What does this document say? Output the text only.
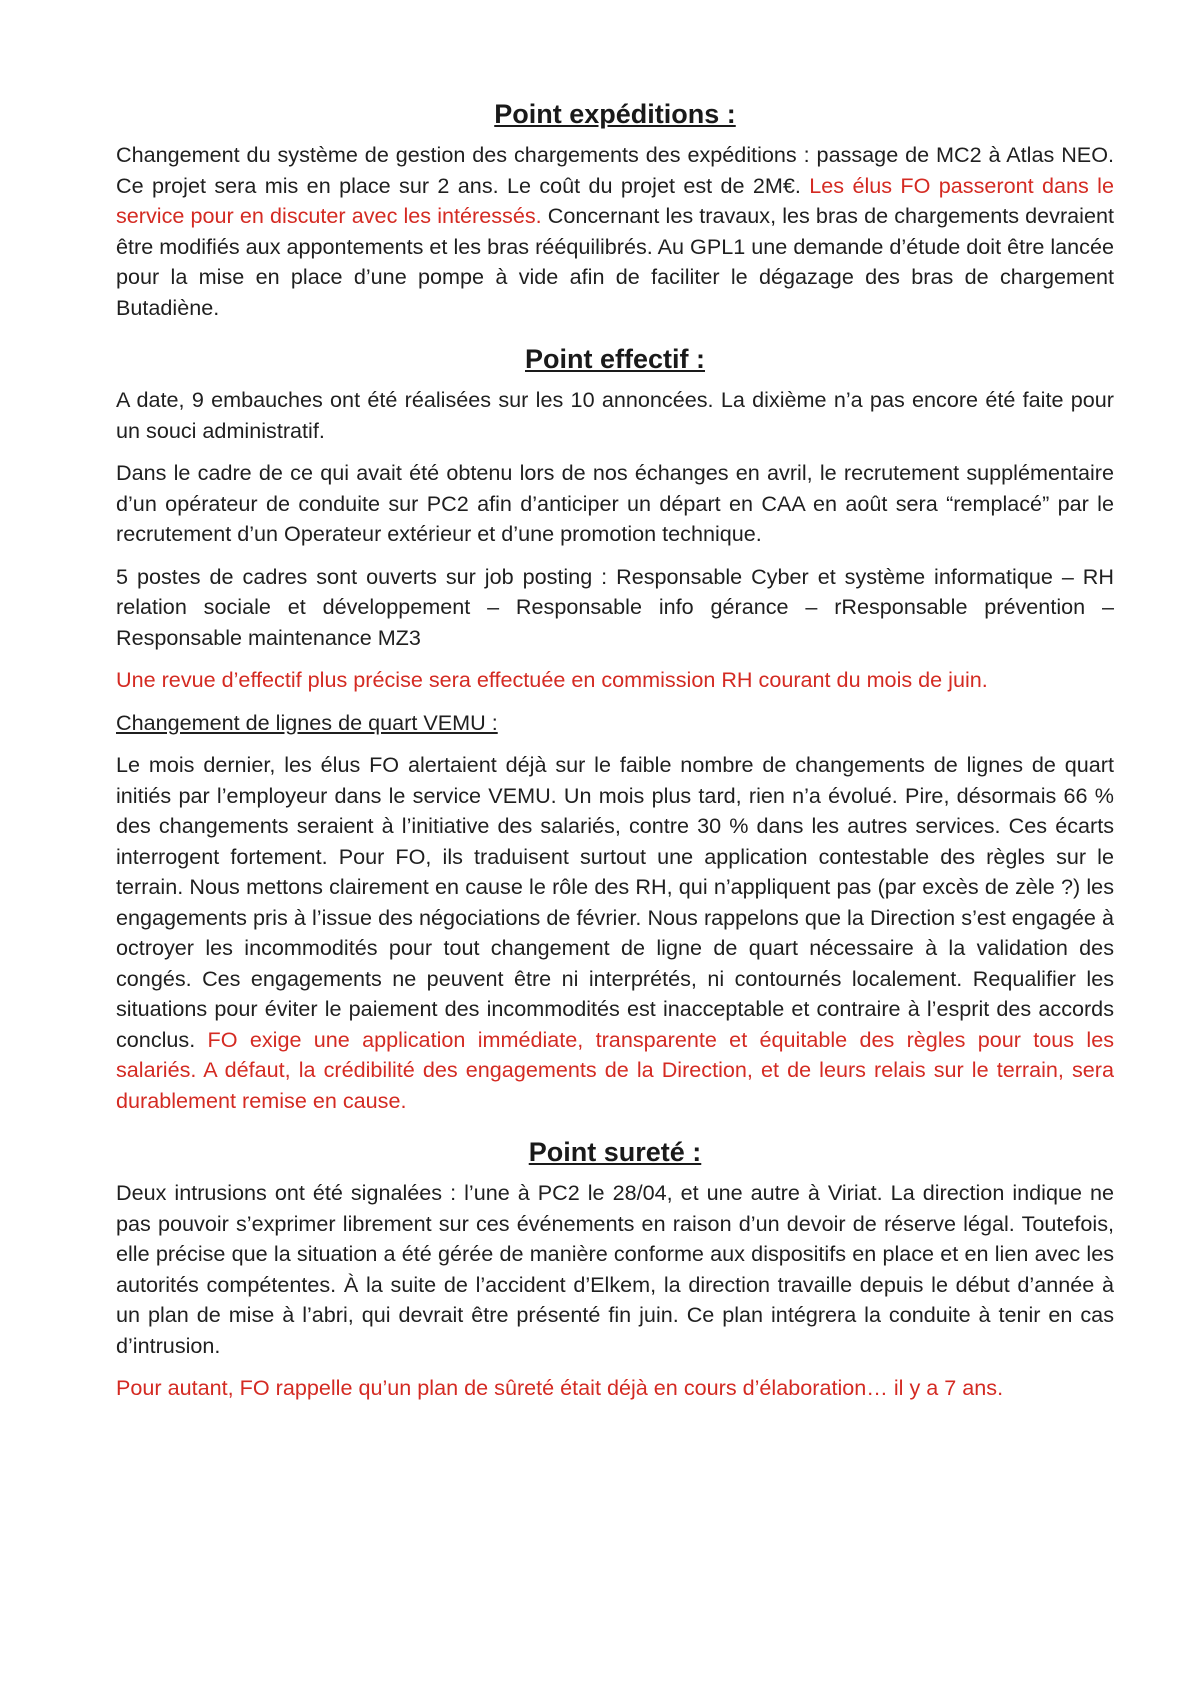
Point expéditions :

Changement du système de gestion des chargements des expéditions : passage de MC2 à Atlas NEO. Ce projet sera mis en place sur 2 ans. Le coût du projet est de 2M€. Les élus FO passeront dans le service pour en discuter avec les intéressés. Concernant les travaux, les bras de chargements devraient être modifiés aux appontements et les bras rééquilibrés. Au GPL1 une demande d’étude doit être lancée pour la mise en place d’une pompe à vide afin de faciliter le dégazage des bras de chargement Butadiène.

Point effectif :

A date, 9 embauches ont été réalisées sur les 10 annoncées. La dixième n’a pas encore été faite pour un souci administratif.

Dans le cadre de ce qui avait été obtenu lors de nos échanges en avril, le recrutement supplémentaire d’un opérateur de conduite sur PC2 afin d’anticiper un départ en CAA en août sera “remplacé” par le recrutement d’un Operateur extérieur et d’une promotion technique.

5 postes de cadres sont ouverts sur job posting : Responsable Cyber et système informatique – RH relation sociale et développement – Responsable info gérance – rResponsable prévention – Responsable maintenance MZ3

Une revue d’effectif plus précise sera effectuée en commission RH courant du mois de juin.

Changement de lignes de quart VEMU :

Le mois dernier, les élus FO alertaient déjà sur le faible nombre de changements de lignes de quart initiés par l’employeur dans le service VEMU. Un mois plus tard, rien n’a évolué. Pire, désormais 66 % des changements seraient à l’initiative des salariés, contre 30 % dans les autres services. Ces écarts interrogent fortement. Pour FO, ils traduisent surtout une application contestable des règles sur le terrain. Nous mettons clairement en cause le rôle des RH, qui n’appliquent pas (par excès de zèle ?) les engagements pris à l’issue des négociations de février. Nous rappelons que la Direction s’est engagée à octroyer les incommodités pour tout changement de ligne de quart nécessaire à la validation des congés. Ces engagements ne peuvent être ni interprétés, ni contournés localement. Requalifier les situations pour éviter le paiement des incommodités est inacceptable et contraire à l’esprit des accords conclus. FO exige une application immédiate, transparente et équitable des règles pour tous les salariés. A défaut, la crédibilité des engagements de la Direction, et de leurs relais sur le terrain, sera durablement remise en cause.

Point sureté :

Deux intrusions ont été signalées : l’une à PC2 le 28/04, et une autre à Viriat. La direction indique ne pas pouvoir s’exprimer librement sur ces événements en raison d’un devoir de réserve légal. Toutefois, elle précise que la situation a été gérée de manière conforme aux dispositifs en place et en lien avec les autorités compétentes. À la suite de l’accident d’Elkem, la direction travaille depuis le début d’année à un plan de mise à l’abri, qui devrait être présenté fin juin. Ce plan intégrera la conduite à tenir en cas d’intrusion.

Pour autant, FO rappelle qu’un plan de sûreté était déjà en cours d’élaboration… il y a 7 ans.
